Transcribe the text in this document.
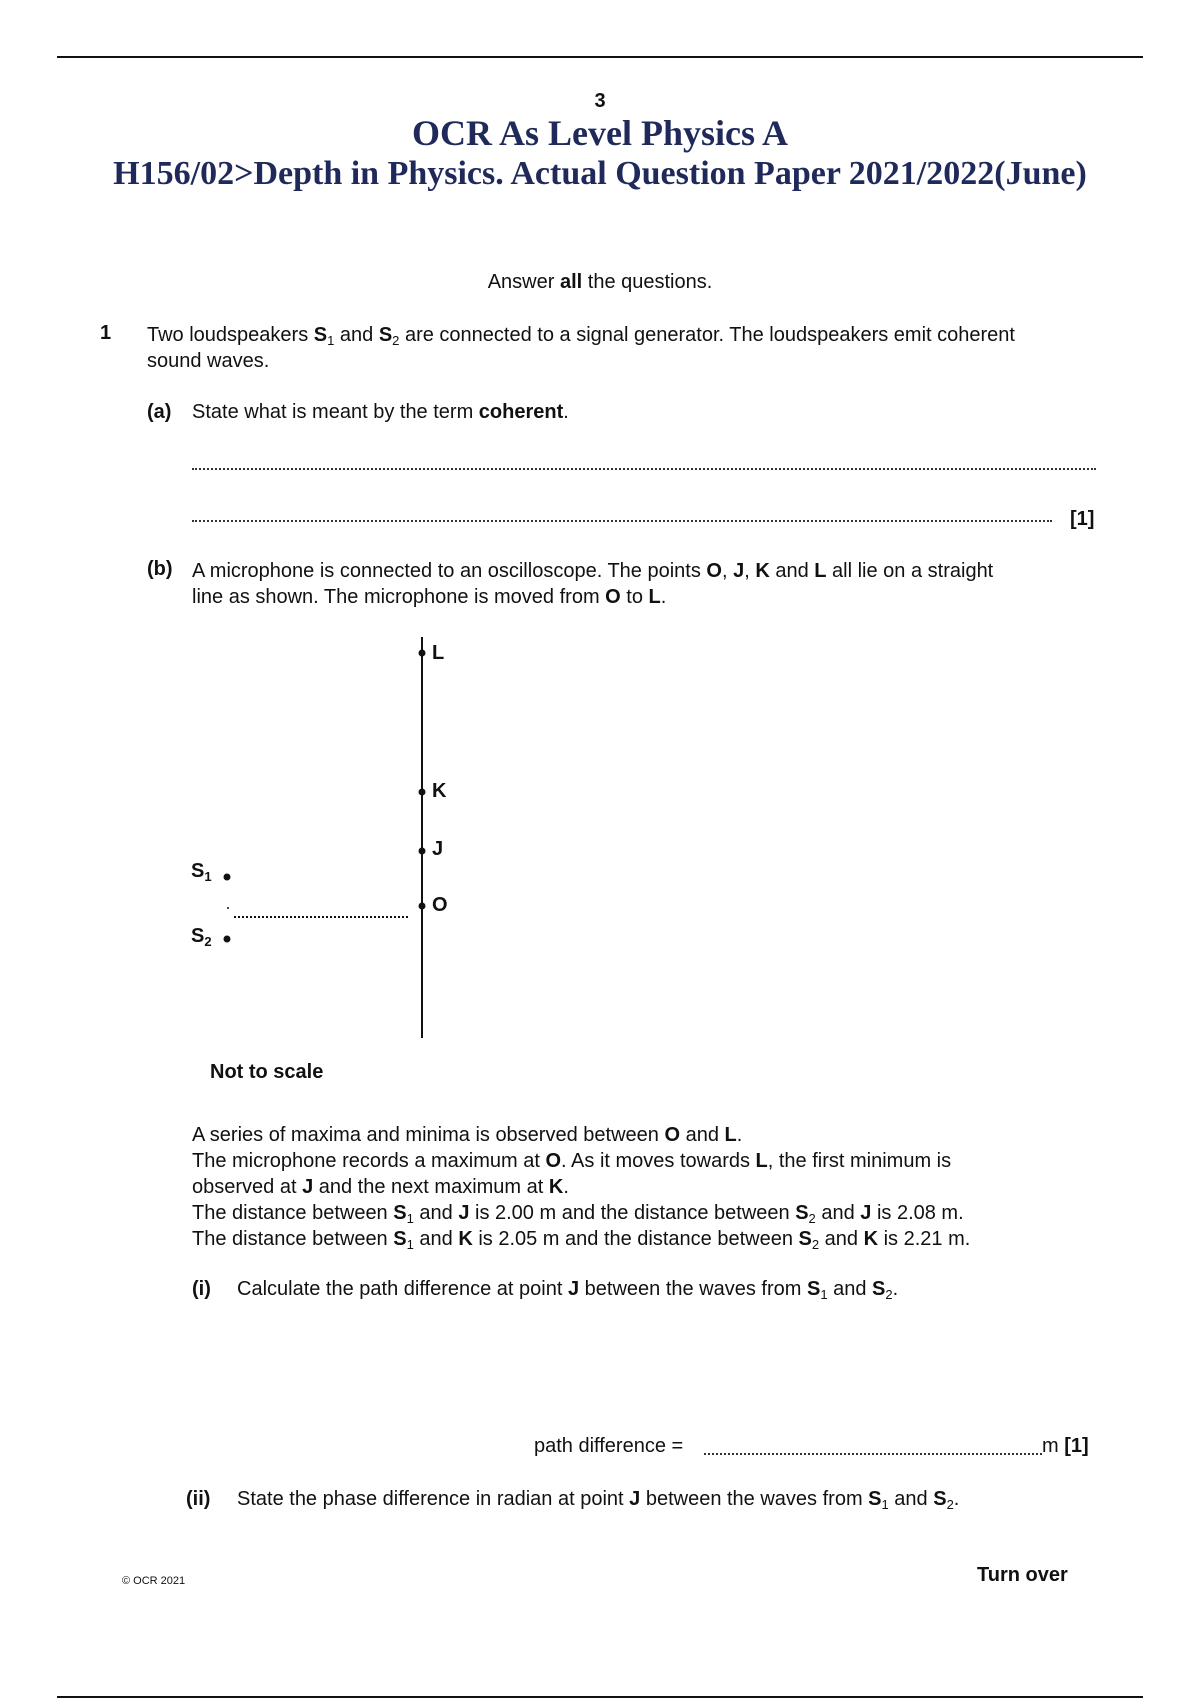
3
OCR As Level Physics A
H156/02>Depth in Physics. Actual Question Paper 2021/2022(June)
Answer all the questions.
1 Two loudspeakers $S_1$ and $S_2$ are connected to a signal generator. The loudspeakers emit coherent
sound waves.
(a) State what is meant by the term coherent.
[1]
(b) A microphone is connected to an oscilloscope. The points O, J, K and L all lie on a straight
line as shown. The microphone is moved from O to L.
L
K
J
O
$S_1$
$S_2$
Not to scale
A series of maxima and minima is observed between O and L.
The microphone records a maximum at O. As it moves towards L, the first minimum is
observed at J and the next maximum at K.
The distance between $S_1$ and J is 2.00 m and the distance between $S_2$ and J is 2.08 m.
The distance between $S_1$ and K is 2.05 m and the distance between $S_2$ and K is 2.21 m.
(i) Calculate the path difference at point J between the waves from $S_1$ and $S_2$.
path difference =	m [1]
(ii) State the phase difference in radian at point J between the waves from $S_1$ and $S_2$.
© OCR 2021	Turn over
